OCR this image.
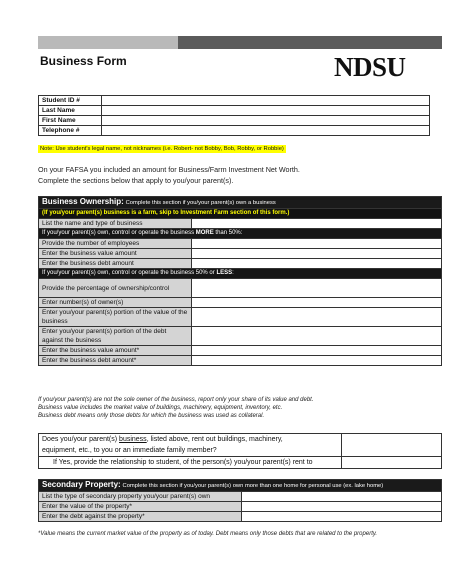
Business Form	NDSU
Student ID #	
Last Name	
First Name	
Telephone #	
Note: Use student's legal name, not nicknames (i.e. Robert- not Bobby, Bob, Robby, or Robbie)
On your FAFSA you included an amount for Business/Farm Investment Net Worth.
Complete the sections below that apply to you/your parent(s).
Business Ownership: Complete this section if you/your parent(s) own a business	
(If you/your parent(s) business is a farm, skip to Investment Farm section of this form.)	
List the name and type of business	
If you/your parent(s) own, control or operate the business MORE than 50%:	
Provide the number of employees	
Enter the business value amount	
Enter the business debt amount	
If you/your parent(s) own, control or operate the business 50% or LESS:	
Provide the percentage of ownership/control	
Enter number(s) of owner(s)	
Enter you/your parent(s) portion of the value of the business	
Enter you/your parent(s) portion of the debt against the business	
Enter the business value amount*	
Enter the business debt amount*	
If you/your parent(s) are not the sole owner of the business, report only your share of its value and debt.
Business value includes the market value of buildings, machinery, equipment, inventory, etc.
Business debt means only those debts for which the business was used as collateral.
Does you/your parent(s) business, listed above, rent out buildings, machinery,	
equipment, etc., to you or an immediate family member?	
If Yes, provide the relationship to student, of the person(s) you/your parent(s) rent to	
Secondary Property: Complete this section if you/your parent(s) own more than one home for personal use (ex. lake home)	
List the type of secondary property you/your parent(s) own	
Enter the value of the property*	
Enter the debt against the property*	
*Value means the current market value of the property as of today. Debt means only those debts that are related to the property.
